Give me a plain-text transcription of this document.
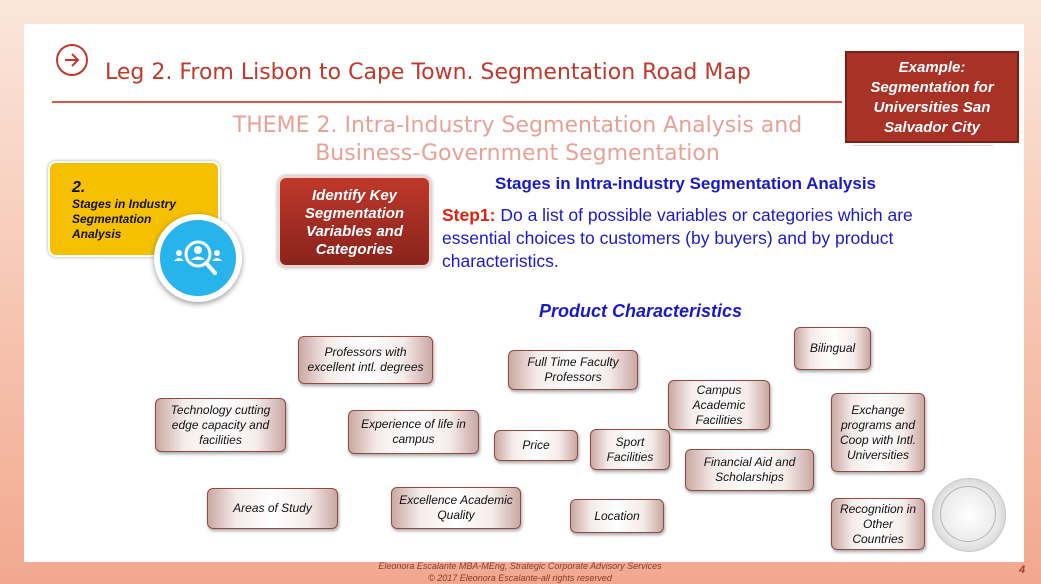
Leg 2. From Lisbon to Cape Town. Segmentation Road Map
THEME 2. Intra-Industry Segmentation Analysis and
Business-Government Segmentation
Example:
Segmentation for
Universities San
Salvador City
2.
Stages in Industry Segmentation Analysis
Identify Key
Segmentation
Variables and
Categories
Stages in Intra-industry Segmentation Analysis
Step1: Do a list of possible variables or categories which are essential choices to customers (by buyers) and by product characteristics.
Product Characteristics
Professors with excellent intl. degrees	Full Time Faculty Professors
Bilingual
Campus Academic Facilities
Technology cutting edge capacity and facilities
Experience of life in campus	Price	Sport Facilities
Exchange programs and Coop with Intl. Universities
Financial Aid and Scholarships
Areas of Study
Excellence Academic Quality	Location	Recognition in Other Countries
Eleonora Escalante MBA-MEng, Strategic Corporate Advisory Services
© 2017 Eleonora Escalante-all rights reserved
4
